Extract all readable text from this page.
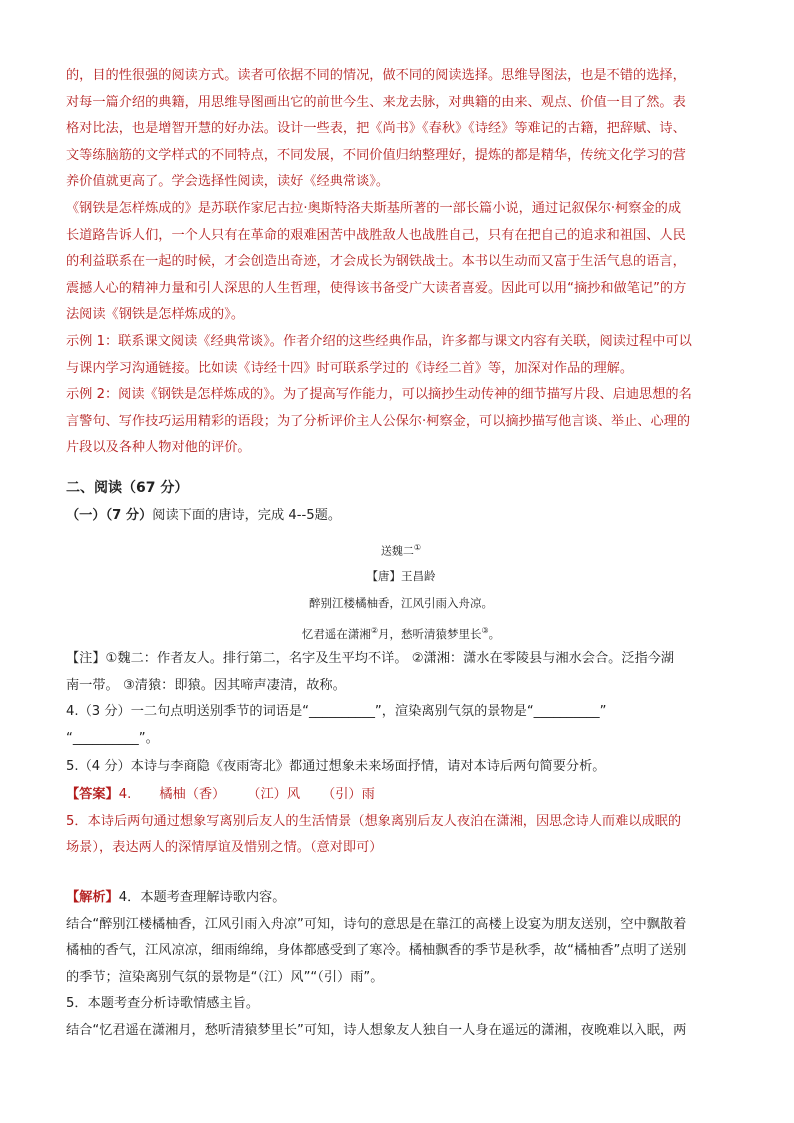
的，目的性很强的阅读方式。读者可依据不同的情况，做不同的阅读选择。思维导图法，也是不错的选择，

对每一篇介绍的典籍，用思维导图画出它的前世今生、来龙去脉，对典籍的由来、观点、价值一目了然。表

格对比法，也是增智开慧的好办法。设计一些表，把《尚书》《春秋》《诗经》等难记的古籍，把辞赋、诗、

文等练脑筋的文学样式的不同特点，不同发展，不同价值归纳整理好，提炼的都是精华，传统文化学习的营

养价值就更高了。学会选择性阅读，读好《经典常谈》。

《钢铁是怎样炼成的》是苏联作家尼古拉·奥斯特洛夫斯基所著的一部长篇小说，通过记叙保尔·柯察金的成

长道路告诉人们，一个人只有在革命的艰难困苦中战胜敌人也战胜自己，只有在把自己的追求和祖国、人民

的利益联系在一起的时候，才会创造出奇迹，才会成长为钢铁战士。本书以生动而又富于生活气息的语言，

震撼人心的精神力量和引人深思的人生哲理，使得该书备受广大读者喜爱。因此可以用“摘抄和做笔记”的方

法阅读《钢铁是怎样炼成的》。

示例 1：联系课文阅读《经典常谈》。作者介绍的这些经典作品，许多都与课文内容有关联，阅读过程中可以

与课内学习沟通链接。比如读《诗经十四》时可联系学过的《诗经二首》等，加深对作品的理解。

示例 2：阅读《钢铁是怎样炼成的》。为了提高写作能力，可以摘抄生动传神的细节描写片段、启迪思想的名

言警句、写作技巧运用精彩的语段；为了分析评价主人公保尔·柯察金，可以摘抄描写他言谈、举止、心理的

片段以及各种人物对他的评价。

二、阅读（67 分）

（一）（7 分）阅读下面的唐诗，完成 4--5题。

送魏二①

【唐】王昌龄

醉别江楼橘柚香，江风引雨入舟凉。

忆君遥在潇湘②月，愁听清猿梦里长③。

【注】①魏二：作者友人。排行第二，名字及生平均不详。 ②潇湘：潇水在零陵县与湘水会合。泛指今湖

南一带。 ③清猿：即猿。因其啼声凄清，故称。

4.（3 分）一二句点明送别季节的词语是“__________”，渲染离别气氛的景物是“__________”

“__________”。

5.（4 分）本诗与李商隐《夜雨寄北》都通过想象未来场面抒情，请对本诗后两句简要分析。

【答案】4. 橘柚（香） （江）风 （引）雨

5．本诗后两句通过想象写离别后友人的生活情景（想象离别后友人夜泊在潇湘，因思念诗人而难以成眠的

场景），表达两人的深情厚谊及惜别之情。（意对即可）

【解析】4．本题考查理解诗歌内容。

结合“醉别江楼橘柚香，江风引雨入舟凉”可知，诗句的意思是在靠江的高楼上设宴为朋友送别，空中飘散着

橘柚的香气，江风凉凉，细雨绵绵，身体都感受到了寒冷。橘柚飘香的季节是秋季，故“橘柚香”点明了送别

的季节；渲染离别气氛的景物是“（江）风”“（引）雨”。

5．本题考查分析诗歌情感主旨。

结合“忆君遥在潇湘月，愁听清猿梦里长”可知，诗人想象友人独自一人身在遥远的潇湘，夜晚难以入眠，两
